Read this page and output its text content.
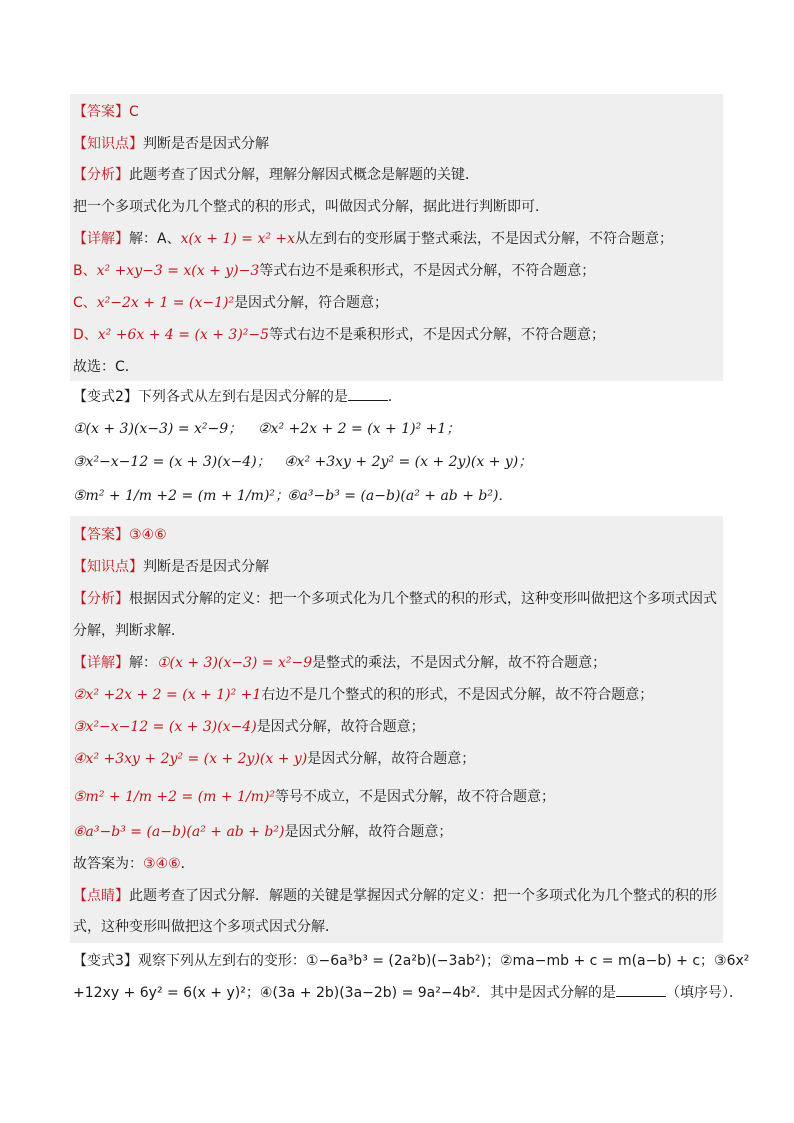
【答案】C
【知识点】判断是否是因式分解
【分析】此题考查了因式分解，理解分解因式概念是解题的关键．
把一个多项式化为几个整式的积的形式，叫做因式分解，据此进行判断即可．
【详解】解：A、x(x + 1) = x² +x从左到右的变形属于整式乘法，不是因式分解，不符合题意；
B、x² +xy−3 = x(x + y)−3等式右边不是乘积形式，不是因式分解，不符合题意；
C、x²−2x + 1 = (x−1)²是因式分解，符合题意；
D、x² +6x + 4 = (x + 3)²−5等式右边不是乘积形式，不是因式分解，不符合题意；
故选：C．
【变式2】下列各式从左到右是因式分解的是	．
①(x + 3)(x−3) = x²−9； ②x² +2x + 2 = (x + 1)² +1；
③x²−x−12 = (x + 3)(x−4)； ④x² +3xy + 2y² = (x + 2y)(x + y)；
⑤m² + 1/m +2 = (m + 1/m)²；
⑥a³−b³ = (a−b)(a² + ab + b²)．
【答案】③④⑥
【知识点】判断是否是因式分解
【分析】根据因式分解的定义：把一个多项式化为几个整式的积的形式，这种变形叫做把这个多项式因式
分解，判断求解．
【详解】解：①(x + 3)(x−3) = x²−9是整式的乘法，不是因式分解，故不符合题意；
②x² +2x + 2 = (x + 1)² +1右边不是几个整式的积的形式，不是因式分解，故不符合题意；
③x²−x−12 = (x + 3)(x−4)是因式分解，故符合题意；
④x² +3xy + 2y² = (x + 2y)(x + y)是因式分解，故符合题意；
⑤m² + 1/m +2 = (m + 1/m)²等号不成立，不是因式分解，故不符合题意；
⑥a³−b³ = (a−b)(a² + ab + b²)是因式分解，故符合题意；
故答案为：③④⑥．
【点睛】此题考查了因式分解．解题的关键是掌握因式分解的定义：把一个多项式化为几个整式的积的形
式，这种变形叫做把这个多项式因式分解．
【变式3】观察下列从左到右的变形：①−6a³b³ = (2a²b)(−3ab²)；②ma−mb + c = m(a−b) + c；③6x²
+12xy + 6y² = 6(x + y)²；④(3a + 2b)(3a−2b) = 9a²−4b²．其中是因式分解的是	（填序号）．
